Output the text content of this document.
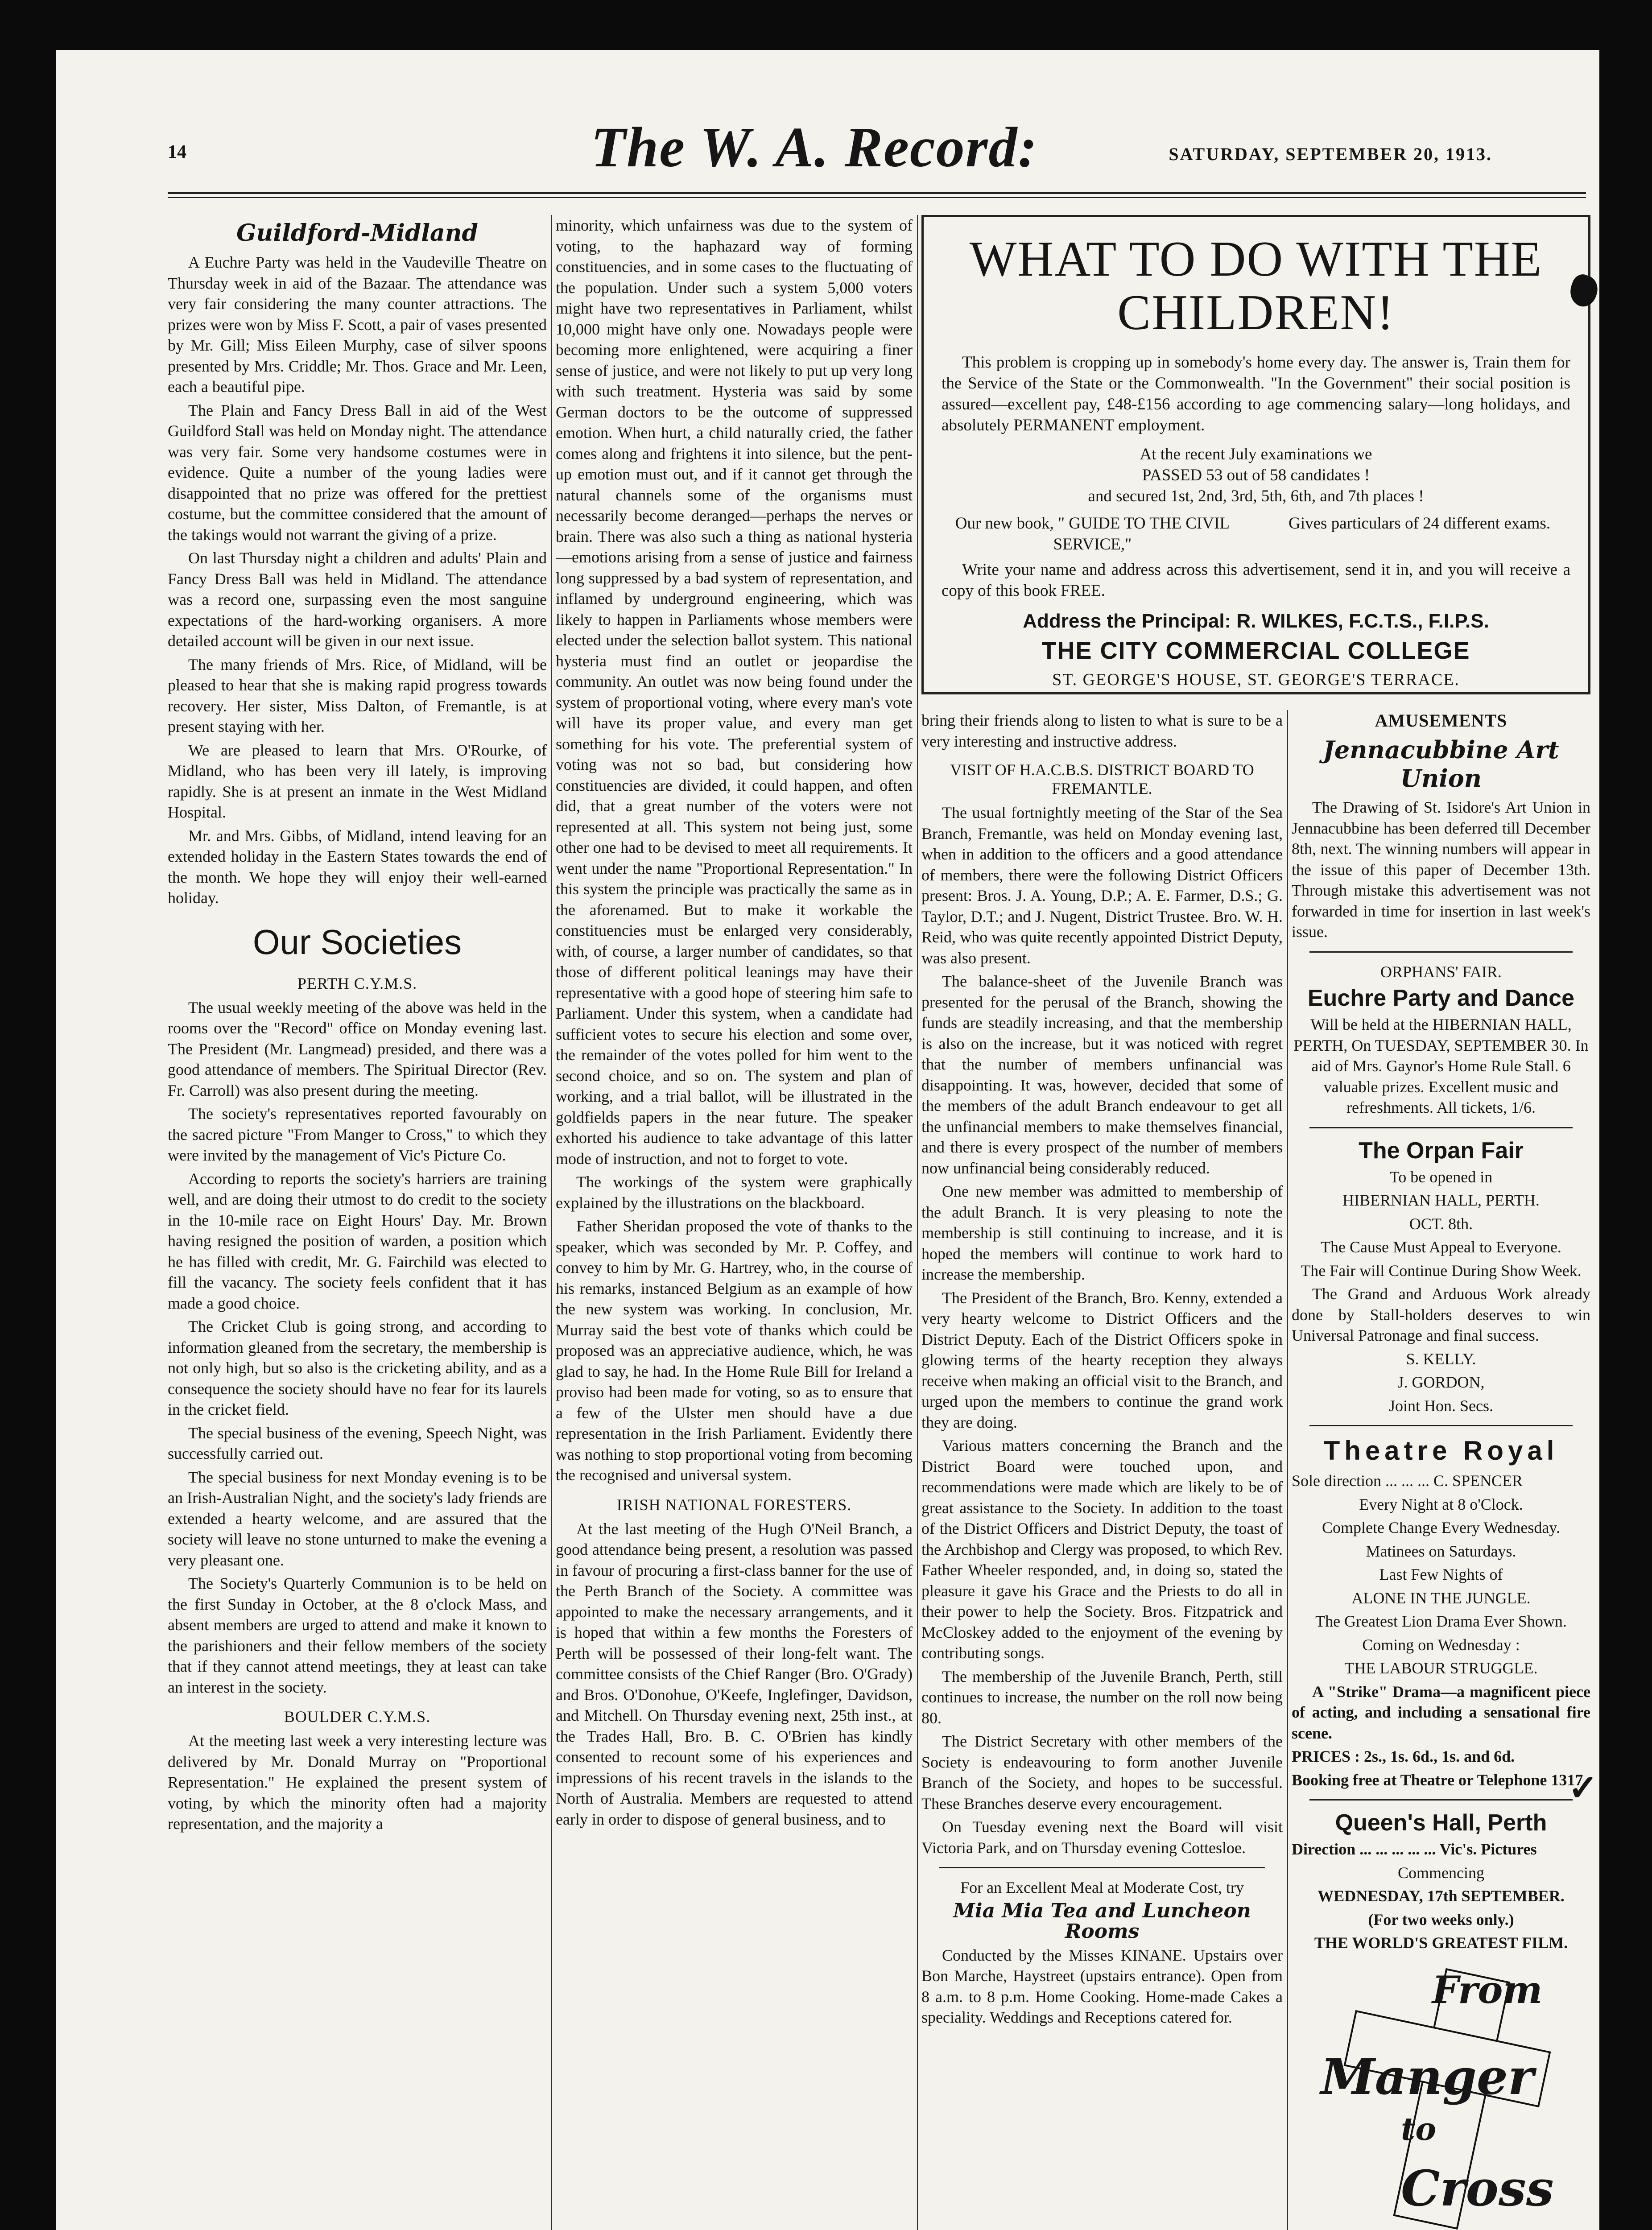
14	The W. A. Record:	SATURDAY, SEPTEMBER 20, 1913.
Guildford-Midland

A Euchre Party was held in the Vaudeville Theatre on Thursday week in aid of the Bazaar. The attendance was very fair considering the many counter attractions. The prizes were won by Miss F. Scott, a pair of vases presented by Mr. Gill; Miss Eileen Murphy, case of silver spoons presented by Mrs. Criddle; Mr. Thos. Grace and Mr. Leen, each a beautiful pipe.

The Plain and Fancy Dress Ball in aid of the West Guildford Stall was held on Monday night. The attendance was very fair. Some very handsome costumes were in evidence. Quite a number of the young ladies were disappointed that no prize was offered for the prettiest costume, but the committee considered that the amount of the takings would not warrant the giving of a prize.

On last Thursday night a children and adults' Plain and Fancy Dress Ball was held in Midland. The attendance was a record one, surpassing even the most sanguine expectations of the hard-working organisers. A more detailed account will be given in our next issue.

The many friends of Mrs. Rice, of Midland, will be pleased to hear that she is making rapid progress towards recovery. Her sister, Miss Dalton, of Fremantle, is at present staying with her.

We are pleased to learn that Mrs. O'Rourke, of Midland, who has been very ill lately, is improving rapidly. She is at present an inmate in the West Midland Hospital.

Mr. and Mrs. Gibbs, of Midland, intend leaving for an extended holiday in the Eastern States towards the end of the month. We hope they will enjoy their well-earned holiday.

Our Societies
PERTH C.Y.M.S.

The usual weekly meeting of the above was held in the rooms over the "Record" office on Monday evening last. The President (Mr. Langmead) presided, and there was a good attendance of members. The Spiritual Director (Rev. Fr. Carroll) was also present during the meeting.

The society's representatives reported favourably on the sacred picture "From Manger to Cross," to which they were invited by the management of Vic's Picture Co.

According to reports the society's harriers are training well, and are doing their utmost to do credit to the society in the 10-mile race on Eight Hours' Day. Mr. Brown having resigned the position of warden, a position which he has filled with credit, Mr. G. Fairchild was elected to fill the vacancy. The society feels confident that it has made a good choice.

The Cricket Club is going strong, and according to information gleaned from the secretary, the membership is not only high, but so also is the cricketing ability, and as a consequence the society should have no fear for its laurels in the cricket field.

The special business of the evening, Speech Night, was successfully carried out.

The special business for next Monday evening is to be an Irish-Australian Night, and the society's lady friends are extended a hearty welcome, and are assured that the society will leave no stone unturned to make the evening a very pleasant one.

The Society's Quarterly Communion is to be held on the first Sunday in October, at the 8 o'clock Mass, and absent members are urged to attend and make it known to the parishioners and their fellow members of the society that if they cannot attend meetings, they at least can take an interest in the society.

BOULDER C.Y.M.S.

At the meeting last week a very interesting lecture was delivered by Mr. Donald Murray on "Proportional Representation." He explained the present system of voting, by which the minority often had a majority representation, and the majority a

minority, which unfairness was due to the system of voting, to the haphazard way of forming constituencies, and in some cases to the fluctuating of the population. Under such a system 5,000 voters might have two representatives in Parliament, whilst 10,000 might have only one. Nowadays people were becoming more enlightened, were acquiring a finer sense of justice, and were not likely to put up very long with such treatment. Hysteria was said by some German doctors to be the outcome of suppressed emotion. When hurt, a child naturally cried, the father comes along and frightens it into silence, but the pent-up emotion must out, and if it cannot get through the natural channels some of the organisms must necessarily become deranged—perhaps the nerves or brain. There was also such a thing as national hysteria—emotions arising from a sense of justice and fairness long suppressed by a bad system of representation, and inflamed by underground engineering, which was likely to happen in Parliaments whose members were elected under the selection ballot system. This national hysteria must find an outlet or jeopardise the community. An outlet was now being found under the system of proportional voting, where every man's vote will have its proper value, and every man get something for his vote. The preferential system of voting was not so bad, but considering how constituencies are divided, it could happen, and often did, that a great number of the voters were not represented at all. This system not being just, some other one had to be devised to meet all requirements. It went under the name "Proportional Representation." In this system the principle was practically the same as in the aforenamed. But to make it workable the constituencies must be enlarged very considerably, with, of course, a larger number of candidates, so that those of different political leanings may have their representative with a good hope of steering him safe to Parliament. Under this system, when a candidate had sufficient votes to secure his election and some over, the remainder of the votes polled for him went to the second choice, and so on. The system and plan of working, and a trial ballot, will be illustrated in the goldfields papers in the near future. The speaker exhorted his audience to take advantage of this latter mode of instruction, and not to forget to vote.

The workings of the system were graphically explained by the illustrations on the blackboard.

Father Sheridan proposed the vote of thanks to the speaker, which was seconded by Mr. P. Coffey, and convey to him by Mr. G. Hartrey, who, in the course of his remarks, instanced Belgium as an example of how the new system was working. In conclusion, Mr. Murray said the best vote of thanks which could be proposed was an appreciative audience, which, he was glad to say, he had. In the Home Rule Bill for Ireland a proviso had been made for voting, so as to ensure that a few of the Ulster men should have a due representation in the Irish Parliament. Evidently there was nothing to stop proportional voting from becoming the recognised and universal system.

IRISH NATIONAL FORESTERS.

At the last meeting of the Hugh O'Neil Branch, a good attendance being present, a resolution was passed in favour of procuring a first-class banner for the use of the Perth Branch of the Society. A committee was appointed to make the necessary arrangements, and it is hoped that within a few months the Foresters of Perth will be possessed of their long-felt want. The committee consists of the Chief Ranger (Bro. O'Grady) and Bros. O'Donohue, O'Keefe, Inglefinger, Davidson, and Mitchell. On Thursday evening next, 25th inst., at the Trades Hall, Bro. B. C. O'Brien has kindly consented to recount some of his experiences and impressions of his recent travels in the islands to the North of Australia. Members are requested to attend early in order to dispose of general business, and to

WHAT TO DO WITH THE CHILDREN!

This problem is cropping up in somebody's home every day. The answer is, Train them for the Service of the State or the Commonwealth. "In the Government" their social position is assured—excellent pay, £48-£156 according to age commencing salary—long holidays, and absolutely PERMANENT employment.

At the recent July examinations we

PASSED 53 out of 58 candidates !

and secured 1st, 2nd, 3rd, 5th, 6th, and 7th places !

Our new book, " GUIDE TO THE CIVIL SERVICE,"
Gives particulars of 24 different exams.

Write your name and address across this advertisement, send it in, and you will receive a copy of this book FREE.

Address the Principal: R. WILKES, F.C.T.S., F.I.P.S.
THE CITY COMMERCIAL COLLEGE
ST. GEORGE'S HOUSE, ST. GEORGE'S TERRACE.

bring their friends along to listen to what is sure to be a very interesting and instructive address.

VISIT OF H.A.C.B.S. DISTRICT BOARD TO FREMANTLE.

The usual fortnightly meeting of the Star of the Sea Branch, Fremantle, was held on Monday evening last, when in addition to the officers and a good attendance of members, there were the following District Officers present: Bros. J. A. Young, D.P.; A. E. Farmer, D.S.; G. Taylor, D.T.; and J. Nugent, District Trustee. Bro. W. H. Reid, who was quite recently appointed District Deputy, was also present.

The balance-sheet of the Juvenile Branch was presented for the perusal of the Branch, showing the funds are steadily increasing, and that the membership is also on the increase, but it was noticed with regret that the number of members unfinancial was disappointing. It was, however, decided that some of the members of the adult Branch endeavour to get all the unfinancial members to make themselves financial, and there is every prospect of the number of members now unfinancial being considerably reduced.

One new member was admitted to membership of the adult Branch. It is very pleasing to note the membership is still continuing to increase, and it is hoped the members will continue to work hard to increase the membership.

The President of the Branch, Bro. Kenny, extended a very hearty welcome to District Officers and the District Deputy. Each of the District Officers spoke in glowing terms of the hearty reception they always receive when making an official visit to the Branch, and urged upon the members to continue the grand work they are doing.

Various matters concerning the Branch and the District Board were touched upon, and recommendations were made which are likely to be of great assistance to the Society. In addition to the toast of the District Officers and District Deputy, the toast of the Archbishop and Clergy was proposed, to which Rev. Father Wheeler responded, and, in doing so, stated the pleasure it gave his Grace and the Priests to do all in their power to help the Society. Bros. Fitzpatrick and McCloskey added to the enjoyment of the evening by contributing songs.

The membership of the Juvenile Branch, Perth, still continues to increase, the number on the roll now being 80.

The District Secretary with other members of the Society is endeavouring to form another Juvenile Branch of the Society, and hopes to be successful. These Branches deserve every encouragement.

On Tuesday evening next the Board will visit Victoria Park, and on Thursday evening Cottesloe.

For an Excellent Meal at Moderate Cost, try

Mia Mia Tea and Luncheon Rooms

Conducted by the Misses KINANE. Upstairs over Bon Marche, Haystreet (upstairs entrance). Open from 8 a.m. to 8 p.m. Home Cooking. Home-made Cakes a speciality. Weddings and Receptions catered for.

AMUSEMENTS
Jennacubbine Art Union

The Drawing of St. Isidore's Art Union in Jennacubbine has been deferred till December 8th, next. The winning numbers will appear in the issue of this paper of December 13th. Through mistake this advertisement was not forwarded in time for insertion in last week's issue.

ORPHANS' FAIR.

Euchre Party and Dance

Will be held at the HIBERNIAN HALL, PERTH, On TUESDAY, SEPTEMBER 30. In aid of Mrs. Gaynor's Home Rule Stall. 6 valuable prizes. Excellent music and refreshments. All tickets, 1/6.

The Orpan Fair

To be opened in

HIBERNIAN HALL, PERTH.

OCT. 8th.

The Cause Must Appeal to Everyone.

The Fair will Continue During Show Week.

The Grand and Arduous Work already done by Stall-holders deserves to win Universal Patronage and final success.

S. KELLY.

J. GORDON,

Joint Hon. Secs.

Theatre Royal

Sole direction ... ... ... C. SPENCER

Every Night at 8 o'Clock.

Complete Change Every Wednesday.

Matinees on Saturdays.

Last Few Nights of

ALONE IN THE JUNGLE.

The Greatest Lion Drama Ever Shown.

Coming on Wednesday :

THE LABOUR STRUGGLE.

A "Strike" Drama—a magnificent piece of acting, and including a sensational fire scene.

PRICES : 2s., 1s. 6d., 1s. and 6d.

Booking free at Theatre or Telephone 1317.

Queen's Hall, Perth

Direction ... ... ... ... ... Vic's. Pictures

Commencing

WEDNESDAY, 17th SEPTEMBER.

(For two weeks only.)

THE WORLD'S GREATEST FILM.

From
Manger
to
Cross

✓
